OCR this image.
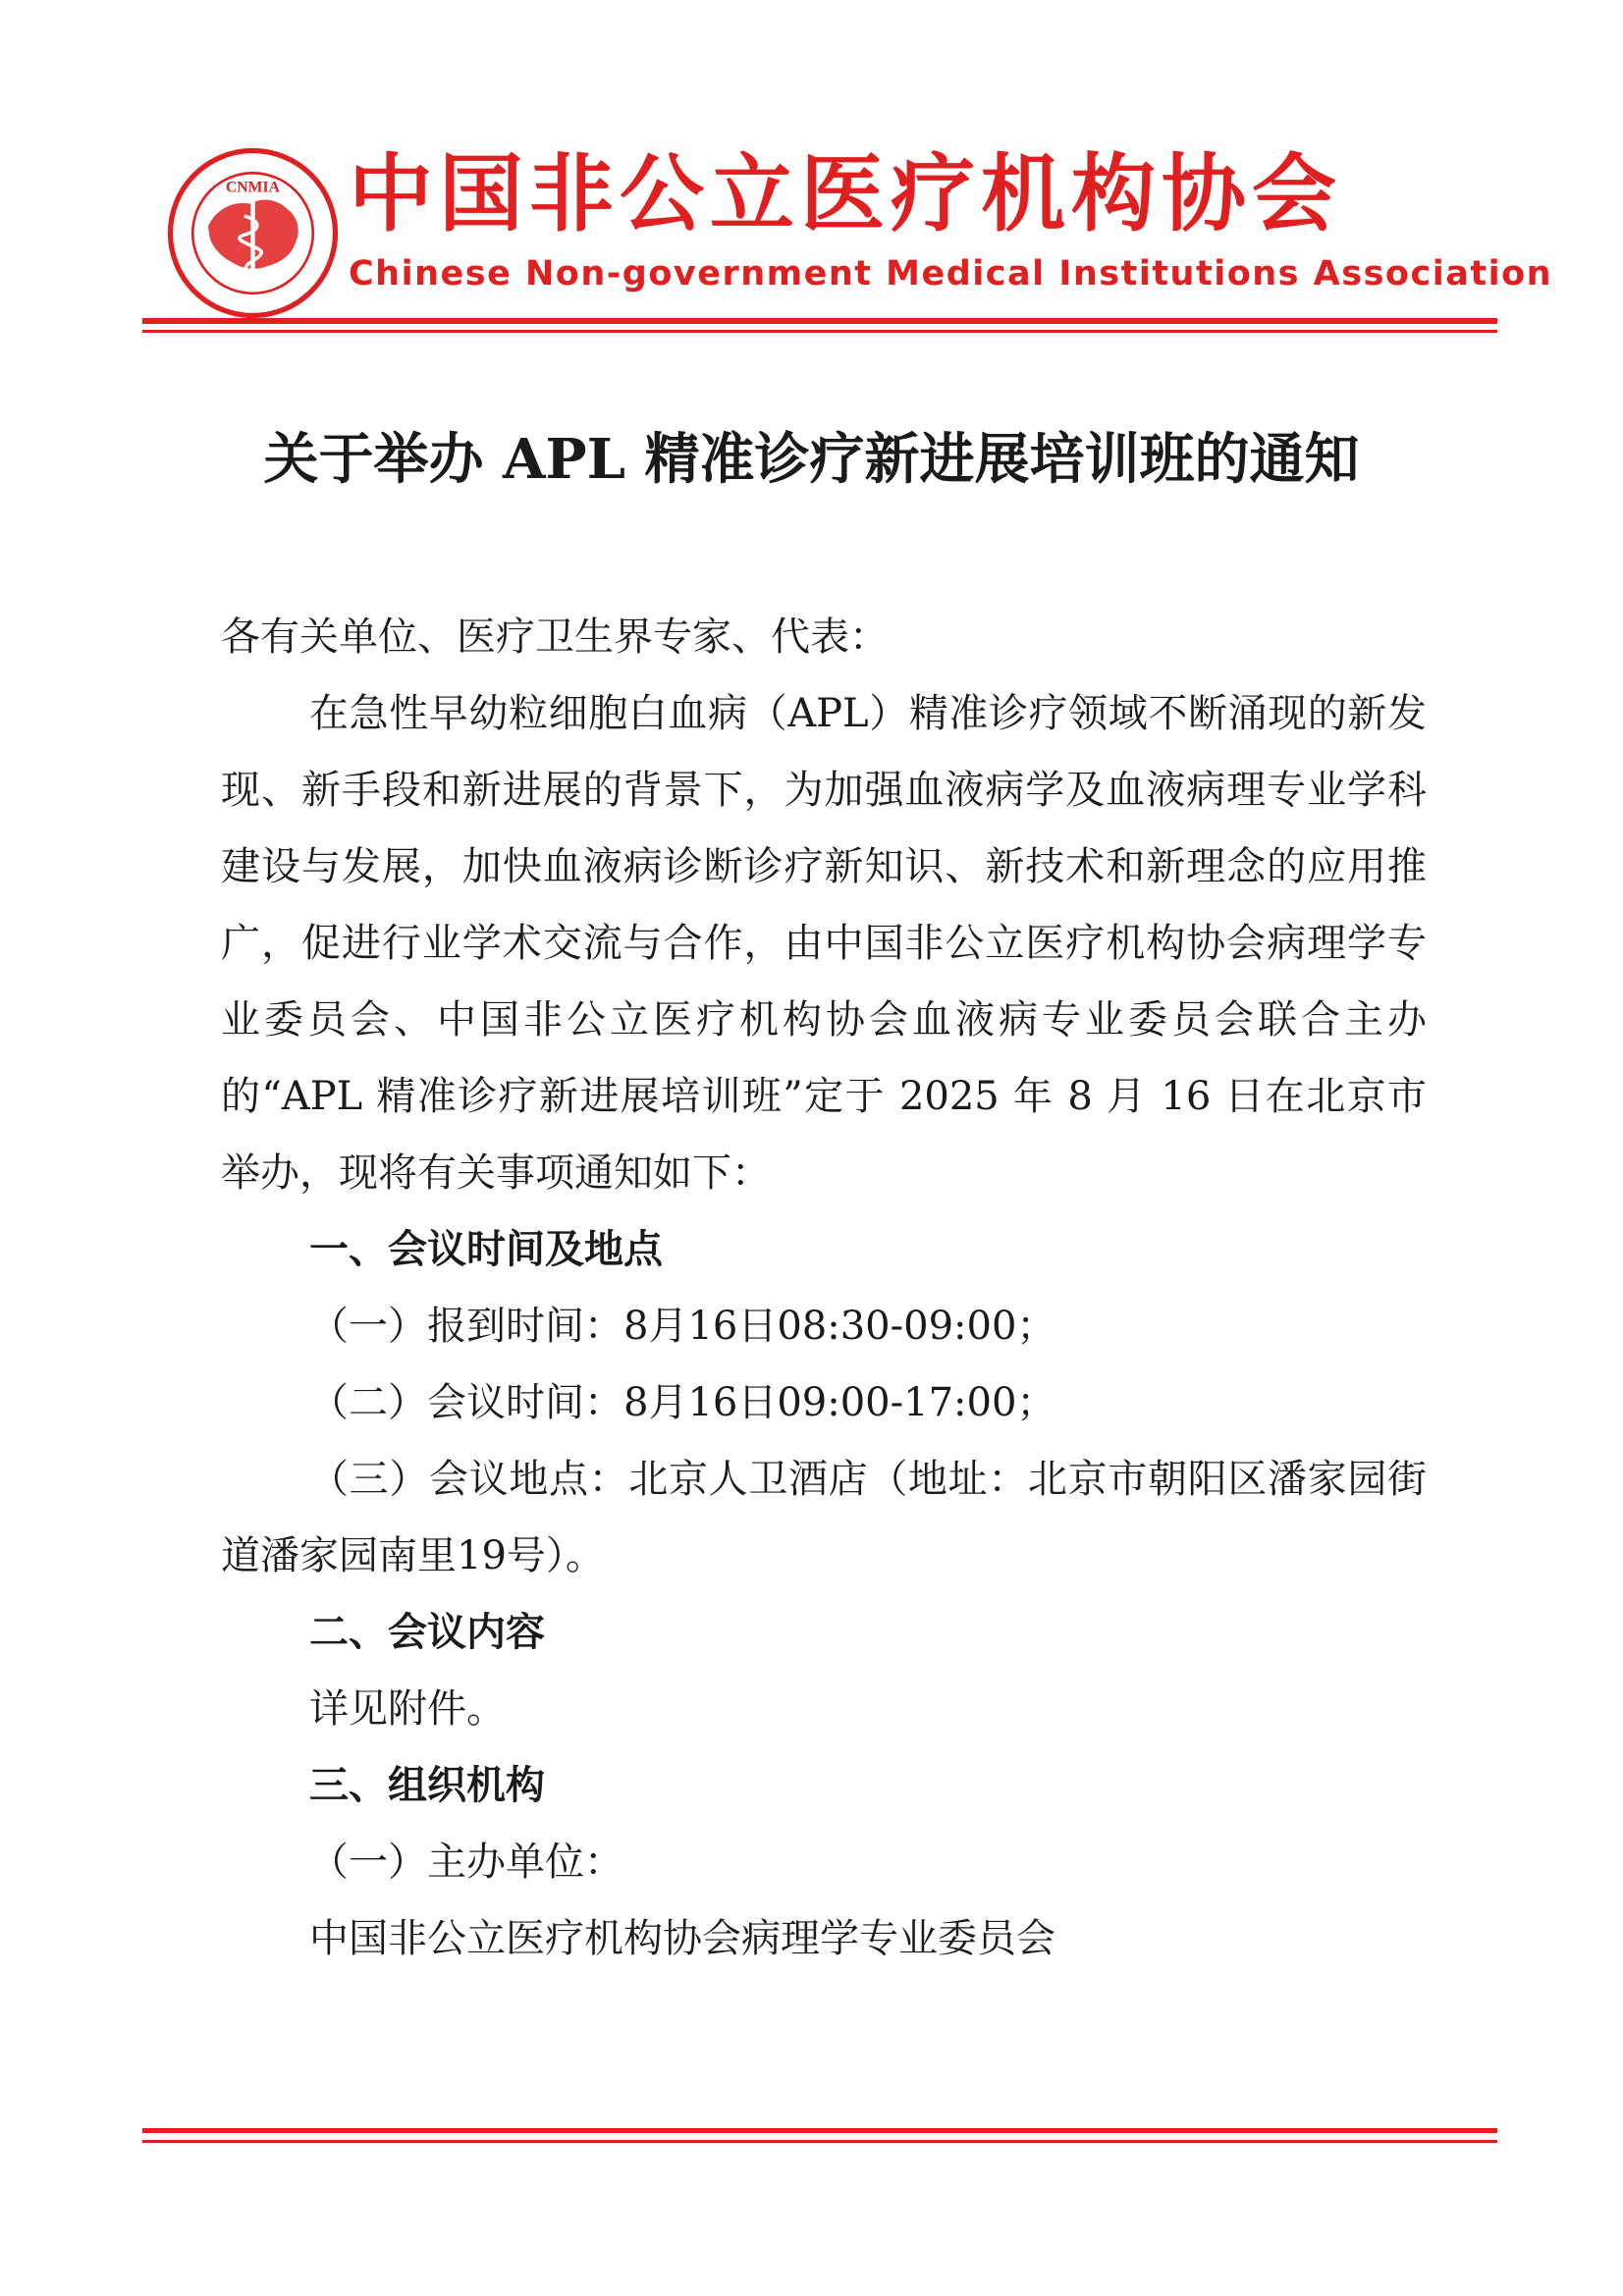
CNMIA 中国非公立医疗机构协会
Chinese Non-government Medical Institutions Association
关于举办 APL 精准诊疗新进展培训班的通知

各有关单位、医疗卫生界专家、代表：

在急性早幼粒细胞白血病（APL）精准诊疗领域不断涌现的新发现、新手段和新进展的背景下，为加强血液病学及血液病理专业学科建设与发展，加快血液病诊断诊疗新知识、新技术和新理念的应用推广，促进行业学术交流与合作，由中国非公立医疗机构协会病理学专业委员会、中国非公立医疗机构协会血液病专业委员会联合主办的“APL 精准诊疗新进展培训班”定于 2025 年 8 月 16 日在北京市举办，现将有关事项通知如下：

一、会议时间及地点

（一）报到时间：8月16日08:30-09:00；

（二）会议时间：8月16日09:00-17:00；

（三）会议地点：北京人卫酒店（地址：北京市朝阳区潘家园街道潘家园南里19号）。

二、会议内容

详见附件。

三、组织机构

（一）主办单位：

中国非公立医疗机构协会病理学专业委员会
